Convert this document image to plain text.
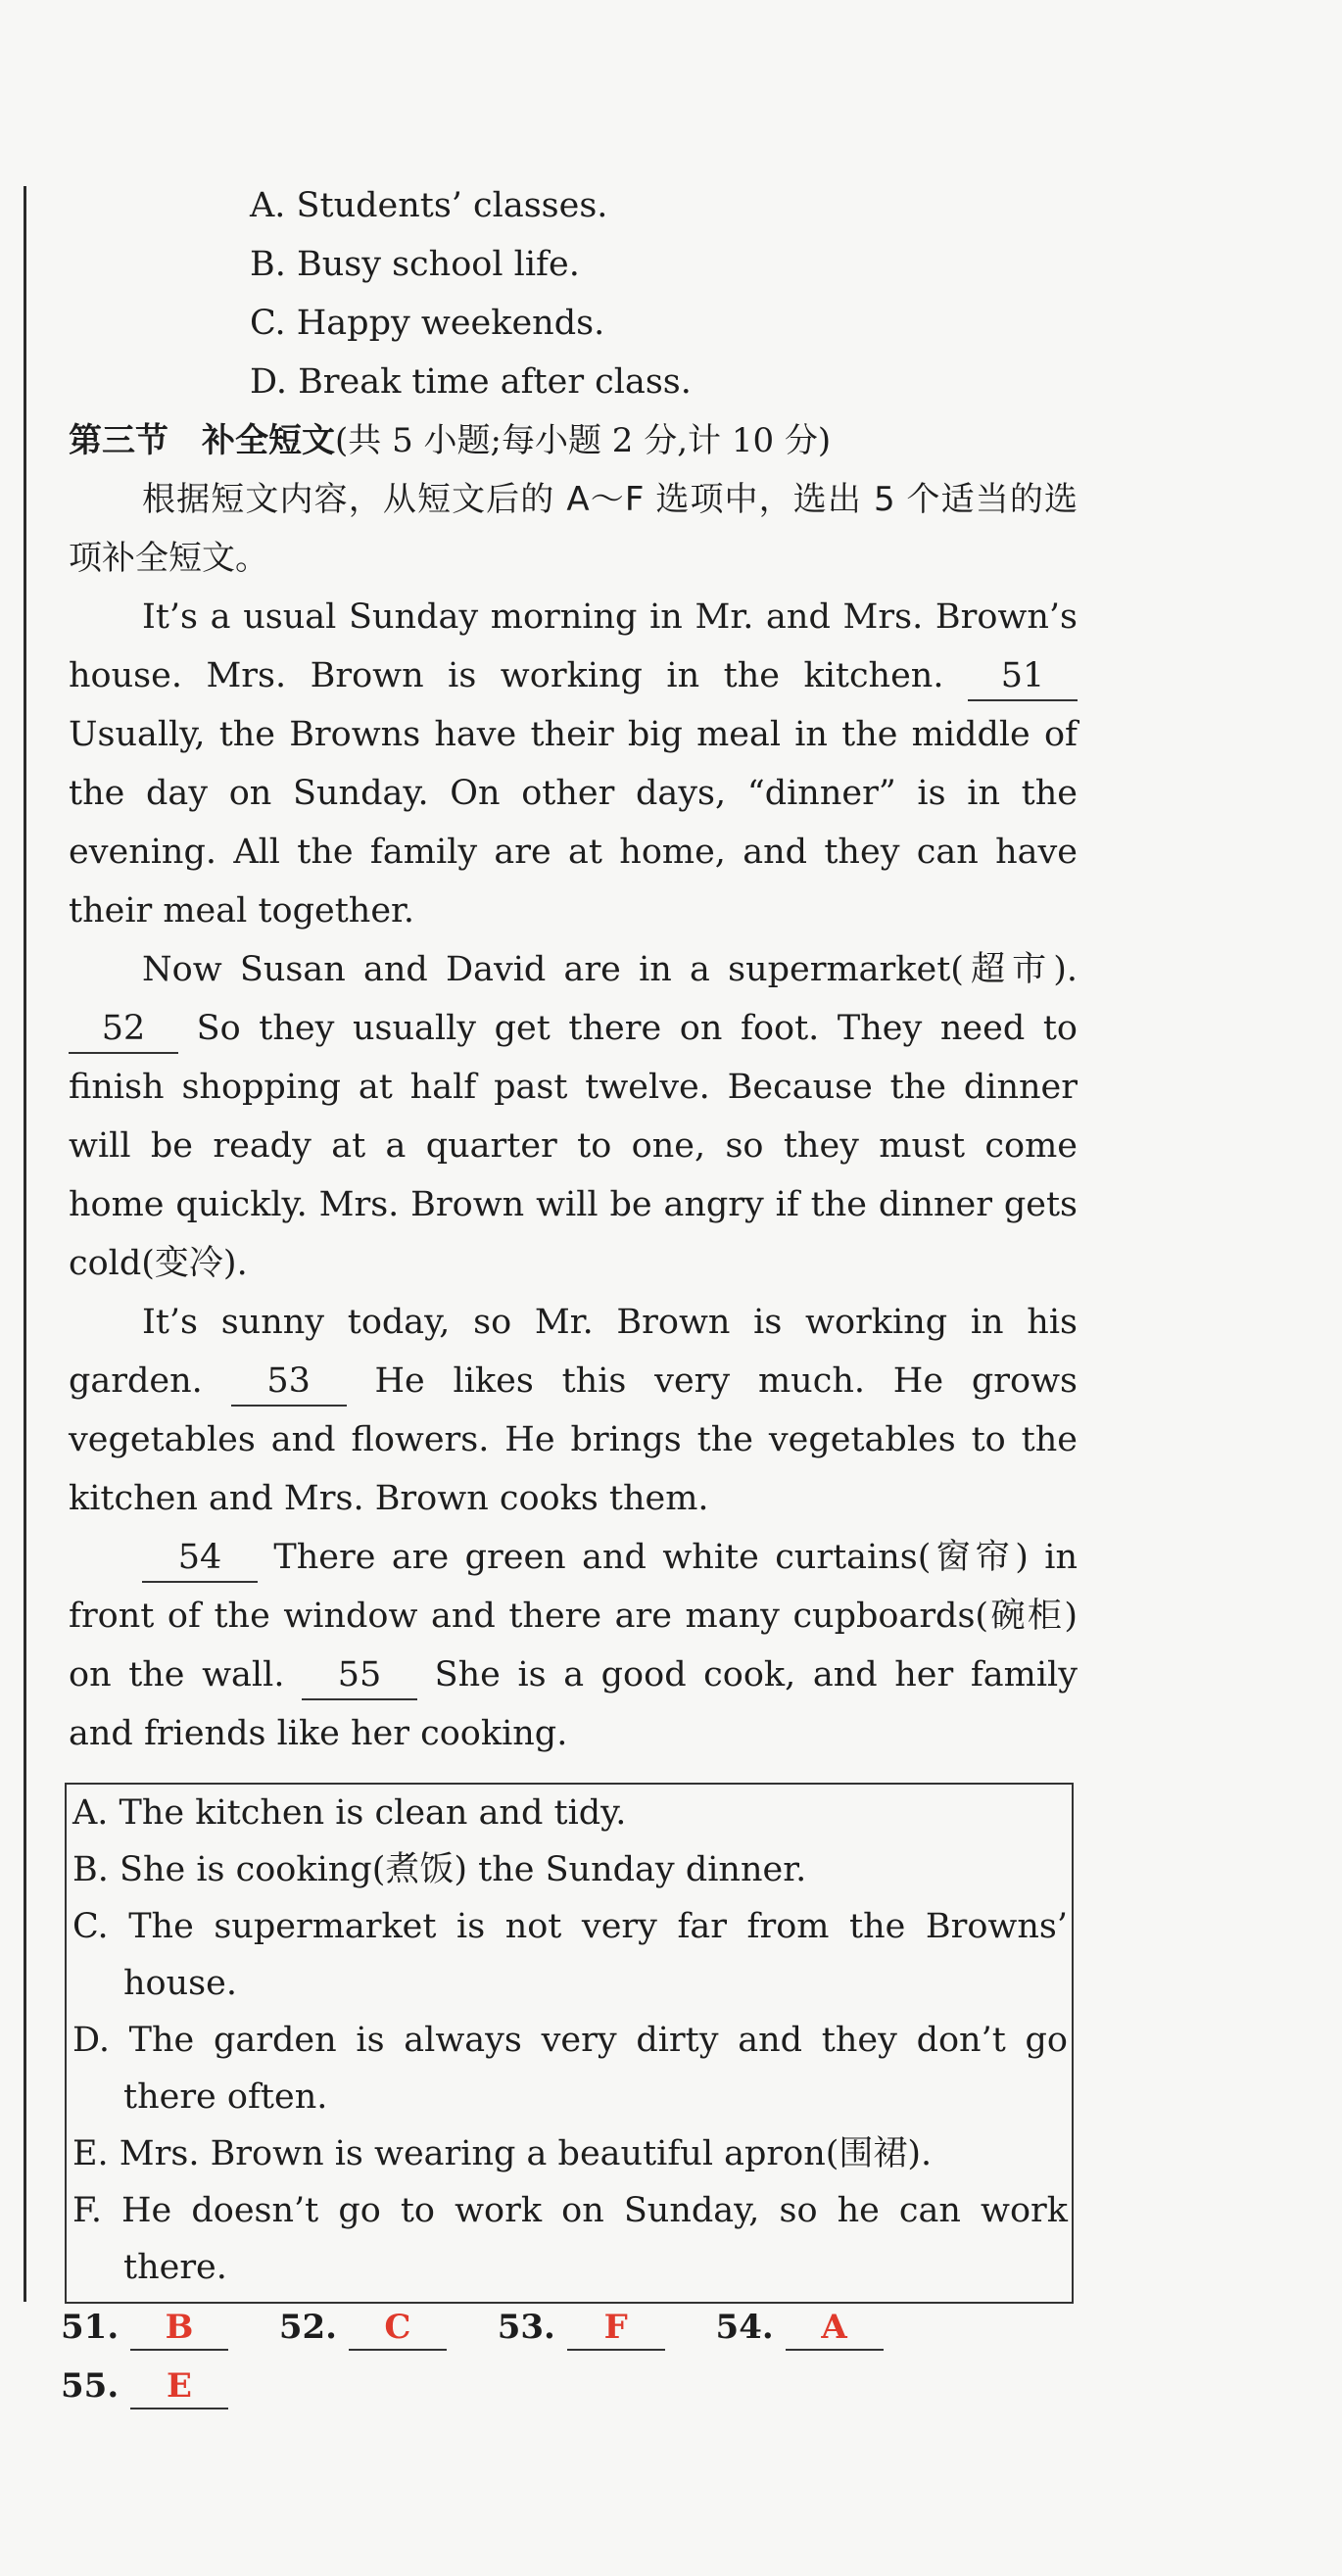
A. Students’ classes.
B. Busy school life.
C. Happy weekends.
D. Break time after class.
第三节　补全短文(共 5 小题;每小题 2 分,计 10 分)

根据短文内容，从短文后的 A～F 选项中，选出 5 个适当的选项补全短文。

It’s a usual Sunday morning in Mr. and Mrs. Brown’s house. Mrs. Brown is working in the kitchen. 51 Usually, the Browns have their big meal in the middle of the day on Sunday. On other days, “dinner” is in the evening. All the family are at home, and they can have their meal together.

Now Susan and David are in a supermarket(超市). 52 So they usually get there on foot. They need to finish shopping at half past twelve. Because the dinner will be ready at a quarter to one, so they must come home quickly. Mrs. Brown will be angry if the dinner gets cold(变冷).

It’s sunny today, so Mr. Brown is working in his garden. 53 He likes this very much. He grows vegetables and flowers. He brings the vegetables to the kitchen and Mrs. Brown cooks them.

54 There are green and white curtains(窗帘) in front of the window and there are many cupboards(碗柜) on the wall. 55 She is a good cook, and her family and friends like her cooking.

A. The kitchen is clean and tidy.
B. She is cooking(煮饭) the Sunday dinner.
C. The supermarket is not very far from the Browns’ house.
D. The garden is always very dirty and they don’t go there often.
E. Mrs. Brown is wearing a beautiful apron(围裙).
F. He doesn’t go to work on Sunday, so he can work there.
51. B	52. C	53. F	54. A 55. E
